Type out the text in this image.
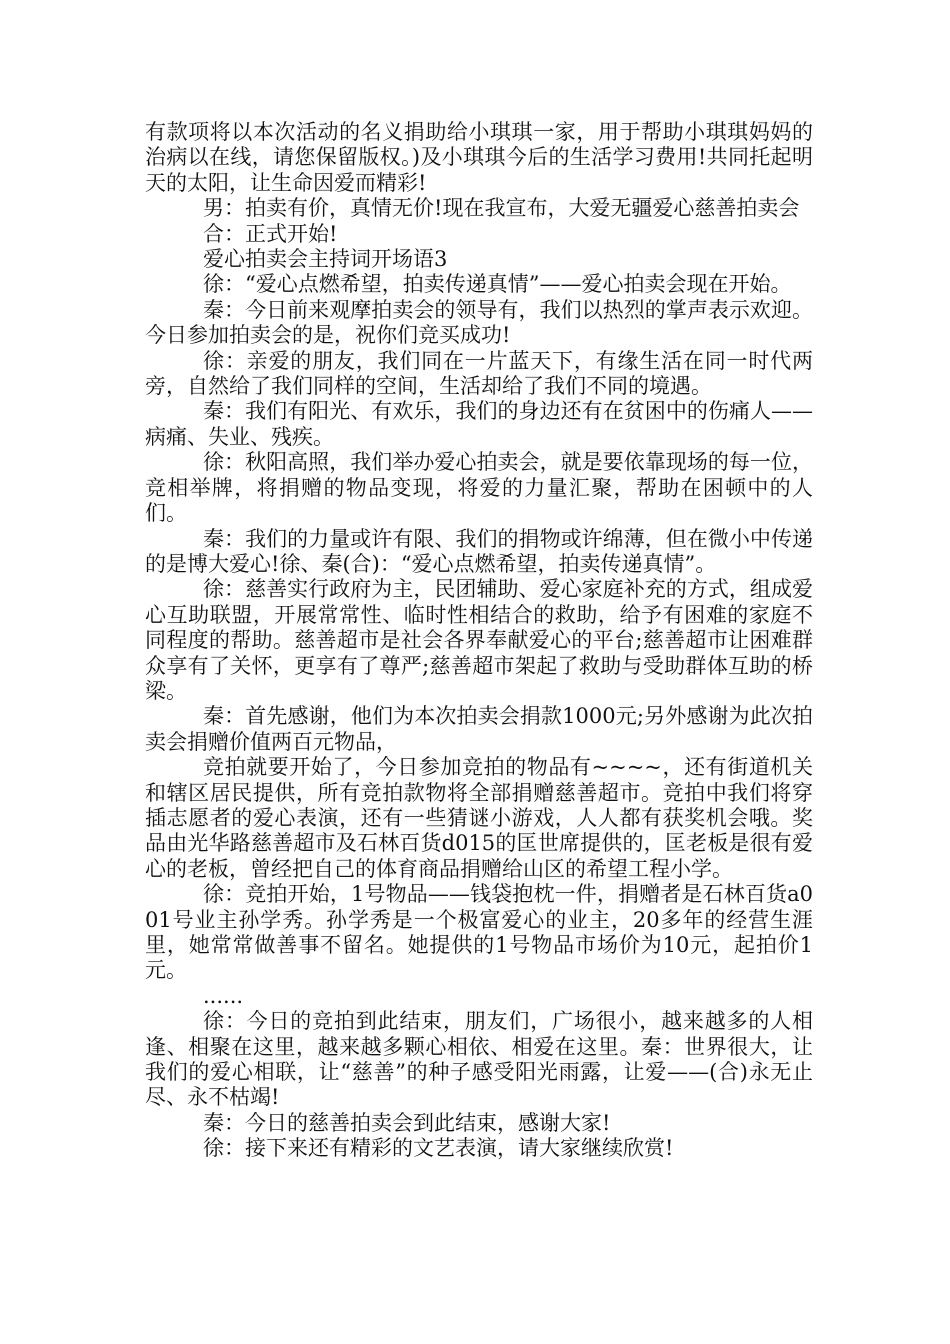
有款项将以本次活动的名义捐助给小琪琪一家，用于帮助小琪琪妈妈的治病以在线，请您保留版权。)及小琪琪今后的生活学习费用!共同托起明天的太阳，让生命因爱而精彩!

男：拍卖有价，真情无价!现在我宣布，大爱无疆爱心慈善拍卖会

合：正式开始!

爱心拍卖会主持词开场语3

徐：“爱心点燃希望，拍卖传递真情”——爱心拍卖会现在开始。

秦：今日前来观摩拍卖会的领导有，我们以热烈的掌声表示欢迎。今日参加拍卖会的是，祝你们竞买成功!

徐：亲爱的朋友，我们同在一片蓝天下，有缘生活在同一时代两旁，自然给了我们同样的空间，生活却给了我们不同的境遇。

秦：我们有阳光、有欢乐，我们的身边还有在贫困中的伤痛人——病痛、失业、残疾。

徐：秋阳高照，我们举办爱心拍卖会，就是要依靠现场的每一位，竞相举牌，将捐赠的物品变现，将爱的力量汇聚，帮助在困顿中的人们。

秦：我们的力量或许有限、我们的捐物或许绵薄，但在微小中传递的是博大爱心!徐、秦(合)：“爱心点燃希望，拍卖传递真情”。

徐：慈善实行政府为主，民团辅助、爱心家庭补充的方式，组成爱心互助联盟，开展常常性、临时性相结合的救助，给予有困难的家庭不同程度的帮助。慈善超市是社会各界奉献爱心的平台;慈善超市让困难群众享有了关怀，更享有了尊严;慈善超市架起了救助与受助群体互助的桥梁。

秦：首先感谢，他们为本次拍卖会捐款1000元;另外感谢为此次拍卖会捐赠价值两百元物品，

竞拍就要开始了，今日参加竞拍的物品有~~~~，还有街道机关和辖区居民提供，所有竞拍款物将全部捐赠慈善超市。竞拍中我们将穿插志愿者的爱心表演，还有一些猜谜小游戏，人人都有获奖机会哦。奖品由光华路慈善超市及石林百货d015的匡世席提供的，匡老板是很有爱心的老板，曾经把自己的体育商品捐赠给山区的希望工程小学。

徐：竞拍开始，1号物品——钱袋抱枕一件，捐赠者是石林百货a001号业主孙学秀。孙学秀是一个极富爱心的业主，20多年的经营生涯里，她常常做善事不留名。她提供的1号物品市场价为10元，起拍价1元。

......

徐：今日的竞拍到此结束，朋友们，广场很小，越来越多的人相逢、相聚在这里，越来越多颗心相依、相爱在这里。秦：世界很大，让我们的爱心相联，让“慈善”的种子感受阳光雨露，让爱——(合)永无止尽、永不枯竭!

秦：今日的慈善拍卖会到此结束，感谢大家!

徐：接下来还有精彩的文艺表演，请大家继续欣赏!
